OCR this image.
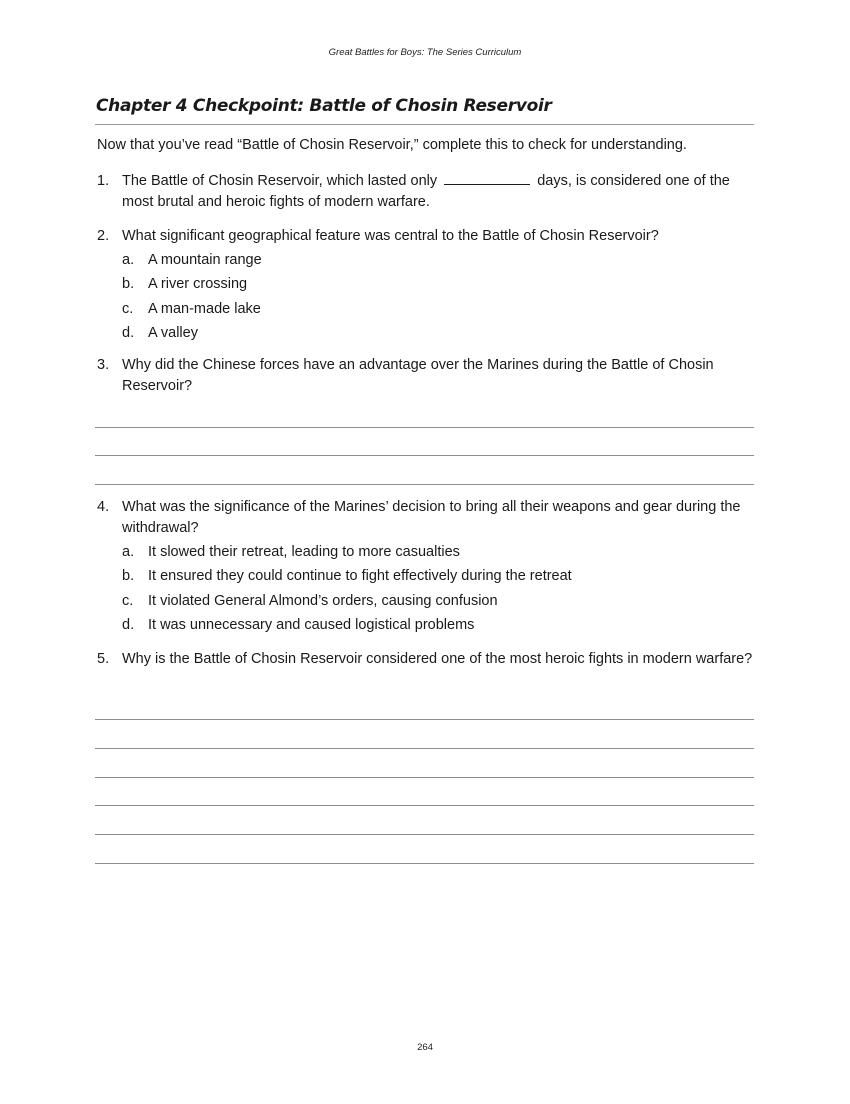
Great Battles for Boys: The Series Curriculum
Chapter 4 Checkpoint: Battle of Chosin Reservoir

Now that you’ve read “Battle of Chosin Reservoir,” complete this to check for understanding.

1. The Battle of Chosin Reservoir, which lasted only	days, is considered one of the most brutal and heroic fights of modern warfare.
2. What significant geographical feature was central to the Battle of Chosin Reservoir?
a. A mountain range
b. A river crossing
c. A man-made lake
d. A valley
3. Why did the Chinese forces have an advantage over the Marines during the Battle of Chosin Reservoir?
4. What was the significance of the Marines’ decision to bring all their weapons and gear during the withdrawal?
a. It slowed their retreat, leading to more casualties
b. It ensured they could continue to fight effectively during the retreat
c. It violated General Almond’s orders, causing confusion
d. It was unnecessary and caused logistical problems
5. Why is the Battle of Chosin Reservoir considered one of the most heroic fights in modern warfare?
264
